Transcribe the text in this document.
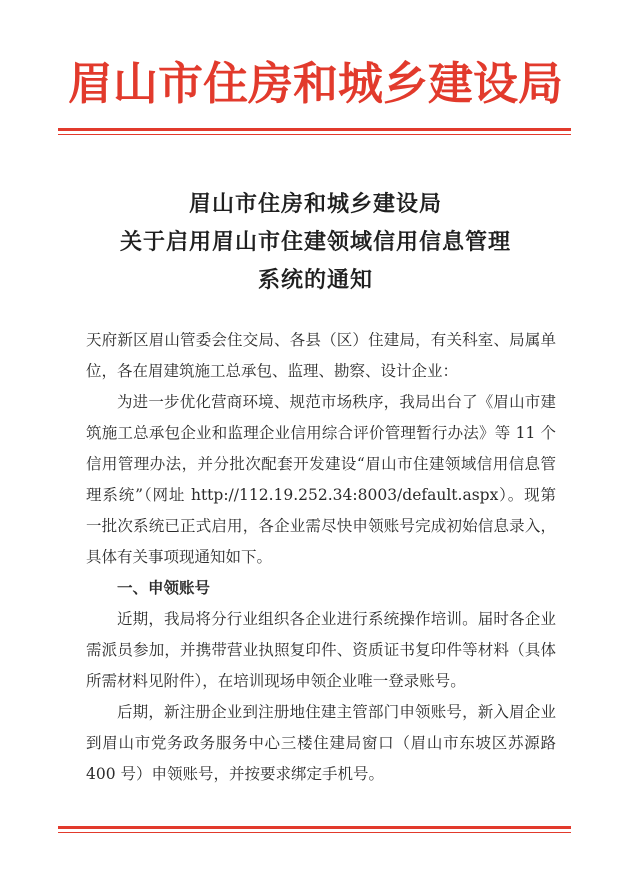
眉山市住房和城乡建设局
眉山市住房和城乡建设局
关于启用眉山市住建领域信用信息管理
系统的通知

天府新区眉山管委会住交局、各县（区）住建局，有关科室、局属单位，各在眉建筑施工总承包、监理、勘察、设计企业：

为进一步优化营商环境、规范市场秩序，我局出台了《眉山市建筑施工总承包企业和监理企业信用综合评价管理暂行办法》等 11 个信用管理办法，并分批次配套开发建设“眉山市住建领域信用信息管理系统”（网址 http://112.19.252.34:8003/default.aspx）。现第一批次系统已正式启用，各企业需尽快申领账号完成初始信息录入，具体有关事项现通知如下。

一、申领账号

近期，我局将分行业组织各企业进行系统操作培训。届时各企业需派员参加，并携带营业执照复印件、资质证书复印件等材料（具体所需材料见附件），在培训现场申领企业唯一登录账号。

后期，新注册企业到注册地住建主管部门申领账号，新入眉企业到眉山市党务政务服务中心三楼住建局窗口（眉山市东坡区苏源路 400 号）申领账号，并按要求绑定手机号。
